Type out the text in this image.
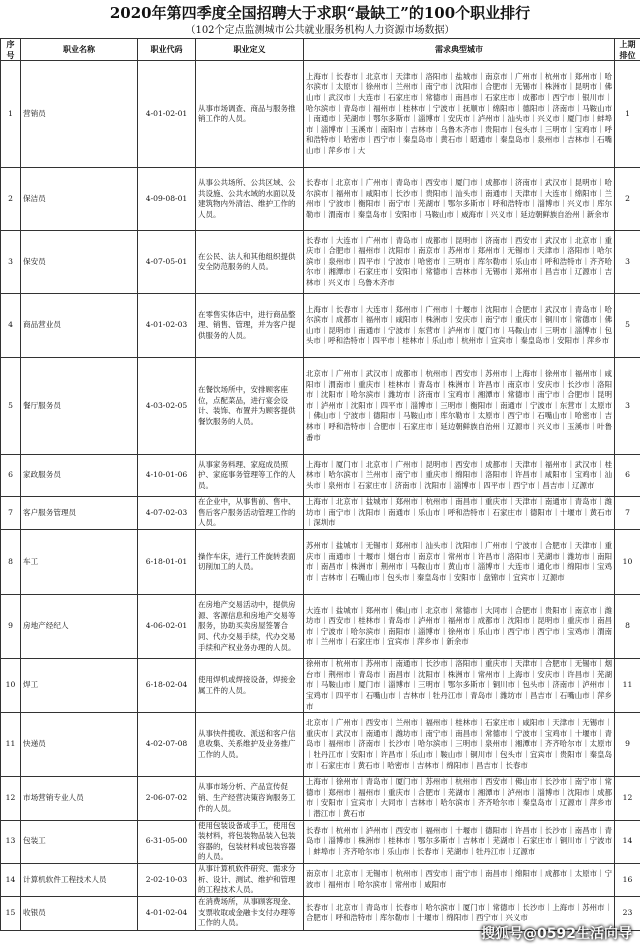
2020年第四季度全国招聘大于求职“最缺工”的100个职业排行
（102个定点监测城市公共就业服务机构人力资源市场数据）
序号	职业名称	职业代码	职业定义	需求典型城市	上期排位
1	营销员	4-01-02-01	从事市场调查、商品与服务推销工作的人员。	上海市｜长春市｜北京市｜天津市｜洛阳市｜盐城市｜南京市｜广州市｜杭州市｜郑州市｜哈尔滨市｜太原市｜徐州市｜兰州市｜南宁市｜沈阳市｜合肥市｜无锡市｜株洲市｜昆明市｜佛山市｜武汉市｜大连市｜石家庄市｜常德市｜南昌市｜石家庄市｜成都市｜西宁市｜银川市｜哈尔滨市｜青岛市｜福州市｜桂林市｜宁波市｜抚顺市｜绵阳市｜德阳市｜济南市｜马鞍山市｜南通市｜芜湖市｜鄂尔多斯市｜淄博市｜安庆市｜泸州市｜汕头市｜兴义市｜厦门市｜蚌埠市｜淄博市｜玉溪市｜南阳市｜吉林市｜乌鲁木齐市｜贵阳市｜包头市｜三明市｜宝鸡市｜呼和浩特市｜哈密市｜西宁市｜秦皇岛市｜黄石市｜昭通市｜秦皇岛市｜泉州市｜吉林市｜石嘴山市｜萍乡市｜大	1
2	保洁员	4-09-08-01	从事公共场所、公共区域、公共设施、公共水域的水面以及建筑物内外清洁、维护工作的人员。	长春市｜北京市｜广州市｜青岛市｜西安市｜厦门市｜成都市｜济南市｜武汉市｜昆明市｜哈尔滨市｜福州市｜咸阳市｜长沙市｜贵阳市｜汕头市｜南通市｜天津市｜大连市｜绵阳市｜兰州市｜宁波市｜衡阳市｜南宁市｜芜湖市｜鄂尔多斯市｜呼和浩特市｜淄博市｜兴义市｜库尔勒市｜渭南市｜秦皇岛市｜安阳市｜马鞍山市｜威海市｜兴义市｜延边朝鲜族自治州｜新余市	2
3	保安员	4-07-05-01	在公民、法人和其他组织提供安全防范服务的人员。	长春市｜大连市｜广州市｜青岛市｜成都市｜昆明市｜济南市｜西安市｜武汉市｜北京市｜重庆市｜合肥市｜福州市｜沈阳市｜南京市｜苏州市｜郑州市｜无锡市｜天津市｜洛阳市｜哈尔滨市｜泉州市｜四平市｜宁波市｜哈密市｜三明市｜库尔勒市｜乐山市｜呼和浩特市｜齐齐哈尔市｜湘潭市｜石家庄市｜安阳市｜常德市｜吉林市｜无锡市｜郑州市｜昌吉市｜辽源市｜吉林市｜兴义市｜乌鲁木齐市	3
4	商品营业员	4-01-02-03	在零售实体店中，进行商品整理、销售、管理，并为客户提供服务的人员。	上海市｜长春市｜大连市｜郑州市｜广州市｜十堰市｜沈阳市｜合肥市｜武汉市｜青岛市｜哈尔滨市｜成都市｜福州市｜咸阳市｜株洲市｜安庆市｜南宁市｜重庆市｜铜川市｜常德市｜佛山市｜昆明市｜南通市｜宁波市｜东营市｜泸州市｜厦门市｜马鞍山市｜三明市｜淄博市｜包头市｜呼和浩特市｜四平市｜桂林市｜乐山市｜杭州市｜宜宾市｜秦皇岛市｜安阳市｜萍乡市	5
5	餐厅服务员	4-03-02-05	在餐饮场所中，安排顾客座位，点配菜品，进行宴会设计、装饰、布置并为顾客提供餐饮服务的人员。	北京市｜广州市｜武汉市｜成都市｜杭州市｜西安市｜苏州市｜上海市｜徐州市｜福州市｜咸阳市｜渭南市｜重庆市｜桂林市｜青岛市｜株洲市｜许昌市｜南京市｜安庆市｜长沙市｜洛阳市｜沈阳市｜哈尔滨市｜潍坊市｜济南市｜宝鸡市｜湘潭市｜常德市｜南宁市｜合肥市｜昆明市｜泸州市｜沈阳市｜四平市｜淄博市｜三明市｜衡阳市｜南通市｜宁波市｜东营市｜太原市｜佛山市｜宁波市｜德阳市｜马鞍山市｜库尔勒市｜太原市｜西宁市｜石嘴山市｜哈密市｜吉林市｜呼和浩特市｜合肥市｜石家庄市｜延边朝鲜族自治州｜辽源市｜兴义市｜玉溪市｜叶鲁番市	3
6	家政服务员	4-10-01-06	从事家务料理、家庭成员照护、家庭事务管理等工作的人员。	上海市｜厦门市｜北京市｜广州市｜昆明市｜西安市｜成都市｜天津市｜福州市｜武汉市｜桂林市｜哈尔滨市｜兰州市｜南宁市｜重庆市｜绵阳市｜洛阳市｜许昌市｜咸阳市｜宝鸡市｜汕头市｜泉州市｜石家庄市｜济南市｜沈阳市｜淄博市｜四平市｜西宁市｜昌吉市｜辽源市	6
7	客户服务管理员	4-07-02-03	在企业中，从事售前、售中、售后客户服务活动管理工作的人员。	上海市｜北京市｜盐城市｜郑州市｜杭州市｜南昌市｜重庆市｜天津市｜南通市｜青岛市｜潍坊市｜南宁市｜沈阳市｜南通市｜乐山市｜呼和浩特市｜石家庄市｜德阳市｜十堰市｜黄石市｜深圳市	7
8	车工	6-18-01-01	操作车床，进行工件旋转表面切削加工的人员。	苏州市｜盐城市｜无锡市｜郑州市｜汕头市｜沈阳市｜广州市｜宁波市｜合肥市｜天津市｜重庆市｜南通市｜十堰市｜烟台市｜南京市｜常州市｜许昌市｜洛阳市｜芜湖市｜潍坊市｜南阳市｜南昌市｜株洲市｜荆州市｜马鞍山市｜黄山市｜淄博市｜大连市｜通化市｜绵阳市｜宝鸡市｜吉林市｜石嘴山市｜包头市｜秦皇岛市｜安阳市｜盘锦市｜宜宾市｜辽源市	10
9	房地产经纪人	4-06-02-01	在房地产交易活动中，提供房源、客源信息和房地产交易等服务，协助买卖房屋签署合同、代办交易手续，代办交易手续和产权业务办理的人员。	大连市｜盐城市｜郑州市｜佛山市｜北京市｜常德市｜大同市｜合肥市｜贵阳市｜南京市｜潍坊市｜西安市｜桂林市｜青岛市｜泸州市｜福州市｜成都市｜沈阳市｜昆明市｜重庆市｜南昌市｜宁波市｜哈尔滨市｜南阳市｜淄博市｜徐州市｜乐山市｜西宁市｜西宁市｜宝鸡市｜渭南市｜兰州市｜石家庄市｜宜宾市｜萍乡市｜新余市	8
10	焊工	6-18-02-04	使用焊机或焊接设备，焊接金属工件的人员。	徐州市｜杭州市｜苏州市｜南通市｜长沙市｜洛阳市｜重庆市｜天津市｜合肥市｜无锡市｜烟台市｜荆州市｜青岛市｜南昌市｜沈阳市｜株洲市｜常州市｜上海市｜安庆市｜许昌市｜芜湖市｜马鞍山市｜厦门市｜淄博市｜三明市｜鄂尔多斯市｜铜川市｜包头市｜济南市｜泸州市｜宝鸡市｜四平市｜石嘴山市｜吉林市｜牡丹江市｜青岛市｜潍坊市｜昌吉市｜石嘴山市｜萍乡市	11
11	快递员	4-02-07-08	从事快件揽收、派送和客户信息收集、关系维护及业务推广工作的人员。	北京市｜广州市｜西安市｜兰州市｜福州市｜桂林市｜石家庄市｜咸阳市｜天津市｜无锡市｜重庆市｜武汉市｜南通市｜潍坊市｜南宁市｜南昌市｜常德市｜宁波市｜宝鸡市｜十堰市｜青岛市｜福州市｜济南市｜长沙市｜哈尔滨市｜三明市｜泉州市｜湘潭市｜齐齐哈尔市｜太原市｜牡丹江市｜安阳市｜许昌市｜乐山市｜鞍山市｜铜川市｜包头市｜宜宾市｜贵阳市｜秦皇岛市｜石家庄市｜黄石市｜哈密市｜吉林市｜绵阳市｜昌吉市｜长春市	9
12	市场营销专业人员	2-06-07-02	从事市场分析、产品宣传促销、生产经营决策咨询服务工作的人员。	上海市｜徐州市｜青岛市｜厦门市｜苏州市｜杭州市｜西安市｜佛山市｜长沙市｜南宁市｜常德市｜郑州市｜福州市｜重庆市｜合肥市｜芜湖市｜湘潭市｜泸州市｜淄博市｜沈阳市｜成都市｜安阳市｜宜宾市｜大同市｜吉林市｜哈尔滨市｜齐齐哈尔市｜秦皇岛市｜辽源市｜萍乡市｜潜江市｜黄石市	12
13	包装工	6-31-05-00	使用包装设备或手工，使用包装材料，将包装物品装入包装容器的，包装材料或包装容器的人员。	长春市｜杭州市｜泸州市｜西安市｜福州市｜十堰市｜德阳市｜许昌市｜长沙市｜南昌市｜青岛市｜淄博市｜株洲市｜桂林市｜鄂尔多斯市｜吉林市｜芜湖市｜石家庄市｜铜川市｜宁波市｜蚌埠市｜齐齐哈尔市｜乐山市｜长春市｜芜湖市｜牡丹江市｜辽源市	14
14	计算机软件工程技术人员	2-02-10-03	从事计算机软件研究、需求分析、设计、测试、维护和管理的工程技术人员。	南京市｜北京市｜无锡市｜杭州市｜西安市｜南宁市｜南昌市｜绵阳市｜成都市｜太原市｜宁波市｜福州市｜哈尔滨市｜常州市｜咸阳市	16
15	收银员	4-01-02-04	在消费场所，从事顾客现金、支票收取或金融卡支付办理等工作的人员。	长春市｜北京市｜青岛市｜长春市｜哈尔滨市｜厦门市｜常德市｜长沙市｜上海市｜苏州市｜合肥市｜呼和浩特市｜库尔勒市｜十堰市｜绵阳市｜西宁市｜兴义市	23
搜狐号@0592生活向导
